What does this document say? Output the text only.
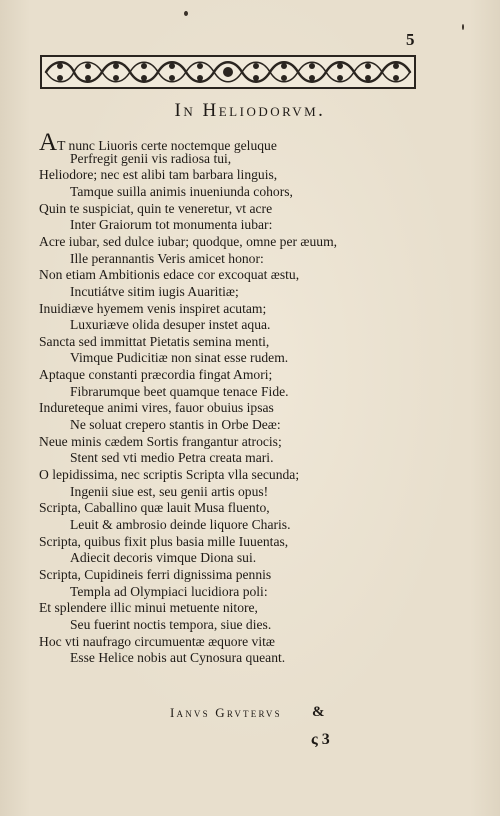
5
In Heliodorvm.
AT nunc Liuoris certe noctemque geluque
Perfregit genii vis radiosa tui,
Heliodore; nec est alibi tam barbara linguis,
Tamque suilla animis inueniunda cohors,
Quin te suspiciat, quin te veneretur, vt acre
Inter Graiorum tot monumenta iubar:
Acre iubar, sed dulce iubar; quodque, omne per æuum,
Ille perannantis Veris amicet honor:
Non etiam Ambitionis edace cor excoquat æstu,
Incutiátve sitim iugis Auaritiæ;
Inuidiæve hyemem venis inspiret acutam;
Luxuriæve olida desuper instet aqua.
Sancta sed immittat Pietatis semina menti,
Vimque Pudicitiæ non sinat esse rudem.
Aptaque constanti præcordia fingat Amori;
Fibrarumque beet quamque tenace Fide.
Indureteque animi vires, fauor obuius ipsas
Ne soluat crepero stantis in Orbe Deæ:
Neue minis cædem Sortis frangantur atrocis;
Stent sed vti medio Petra creata mari.
O lepidissima, nec scriptis Scripta vlla secunda;
Ingenii siue est, seu genii artis opus!
Scripta, Caballino quæ lauit Musa fluento,
Leuit & ambrosio deinde liquore Charis.
Scripta, quibus fixit plus basia mille Iuuentas,
Adiecit decoris vimque Diona sui.
Scripta, Cupidineis ferri dignissima pennis
Templa ad Olympiaci lucidiora poli:
Et splendere illic minui metuente nitore,
Seu fuerint noctis tempora, siue dies.
Hoc vti naufrago circumuentæ æquore vitæ
Esse Helice nobis aut Cynosura queant.
Ianvs Grvtervs &
ς 3
